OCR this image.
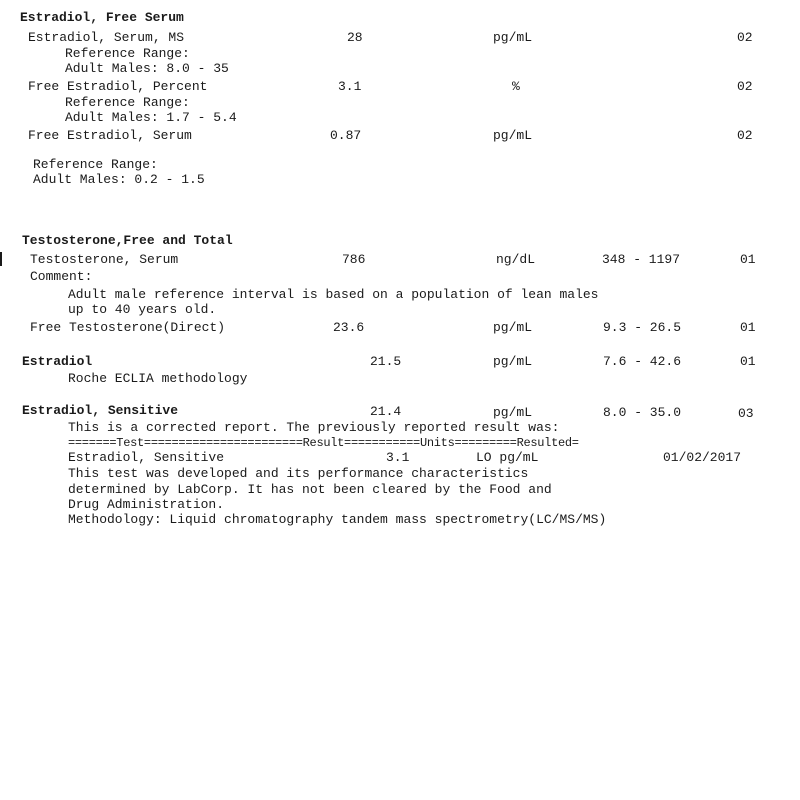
Estradiol, Free Serum
Estradiol, Serum, MS	28	pg/mL	02
Reference Range:
Adult Males: 8.0 - 35
Free Estradiol, Percent	3.1	%	02
Reference Range:
Adult Males: 1.7 - 5.4
Free Estradiol, Serum	0.87	pg/mL	02
Reference Range:
Adult Males: 0.2 - 1.5
Testosterone,Free and Total
Testosterone, Serum	786	ng/dL	348 - 1197	01
Comment:
Adult male reference interval is based on a population of lean males
up to 40 years old.
Free Testosterone(Direct)	23.6	pg/mL	9.3 - 26.5	01
Estradiol	21.5	pg/mL	7.6 - 42.6	01
Roche ECLIA methodology
Estradiol, Sensitive	21.4	pg/mL	8.0 - 35.0	03
This is a corrected report. The previously reported result was:
=======Test=======================Result===========Units=========Resulted=
Estradiol, Sensitive	3.1	LO pg/mL	01/02/2017
This test was developed and its performance characteristics
determined by LabCorp. It has not been cleared by the Food and
Drug Administration.
Methodology: Liquid chromatography tandem mass spectrometry(LC/MS/MS)
